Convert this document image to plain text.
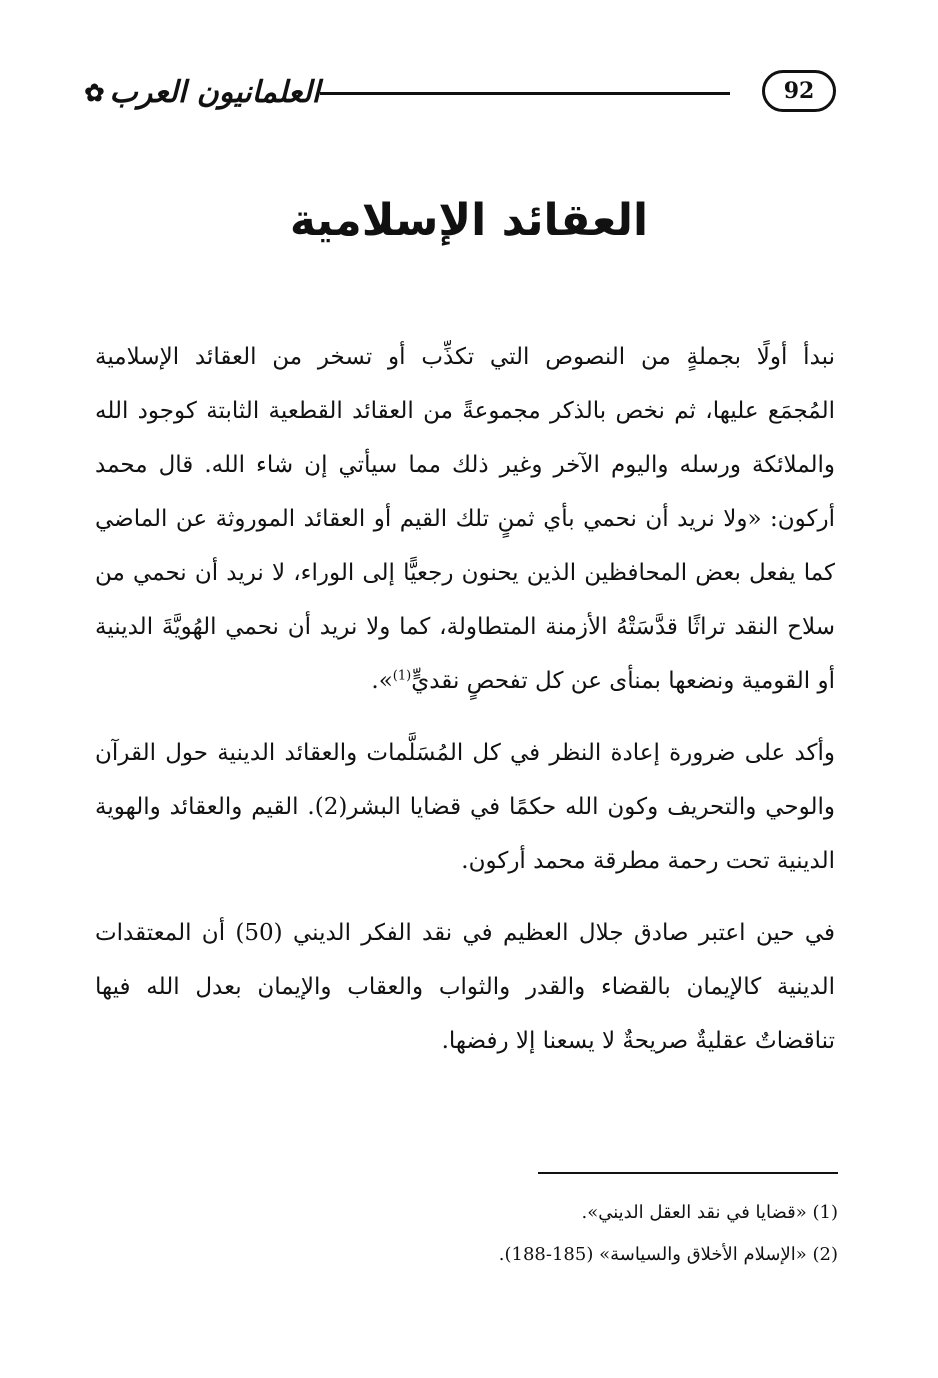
العلمانيون العرب
✿	92
العقائد الإسلامية

نبدأ أولًا بجملةٍ من النصوص التي تكذِّب أو تسخر من العقائد الإسلامية
المُجمَع عليها، ثم نخص بالذكر مجموعةً من العقائد القطعية الثابتة كوجود الله
والملائكة ورسله واليوم الآخر وغير ذلك مما سيأتي إن شاء الله. قال محمد
أركون: «ولا نريد أن نحمي بأي ثمنٍ تلك القيم أو العقائد الموروثة عن الماضي
كما يفعل بعض المحافظين الذين يحنون رجعيًّا إلى الوراء، لا نريد أن نحمي من
سلاح النقد تراثًا قدَّسَتْهُ الأزمنة المتطاولة، كما ولا نريد أن نحمي الهُويَّةَ الدينية
أو القومية ونضعها بمنأى عن كل تفحصٍ نقديٍّ$^{(1)}$».

وأكد على ضرورة إعادة النظر في كل المُسَلَّمات والعقائد الدينية حول القرآن
والوحي والتحريف وكون الله حكمًا في قضايا البشر(2). القيم والعقائد والهوية
الدينية تحت رحمة مطرقة محمد أركون.

في حين اعتبر صادق جلال العظيم في نقد الفكر الديني (50) أن المعتقدات
الدينية كالإيمان بالقضاء والقدر والثواب والعقاب والإيمان بعدل الله فيها
تناقضاتٌ عقليةٌ صريحةٌ لا يسعنا إلا رفضها.

(1) «قضايا في نقد العقل الديني».

(2) «الإسلام الأخلاق والسياسة» (185-188).
